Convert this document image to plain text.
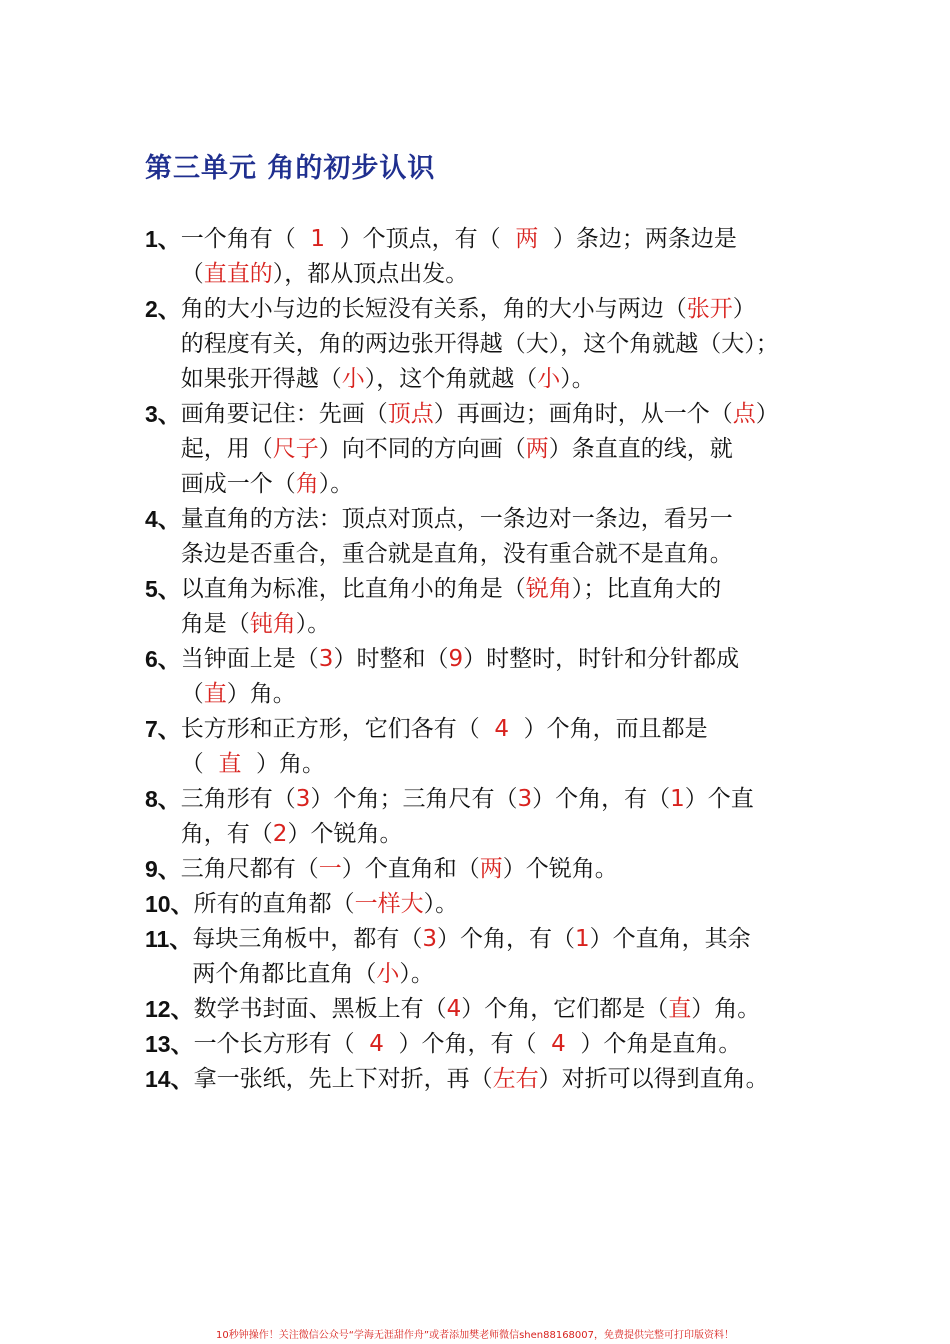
第三单元 角的初步认识
1、 一个角有（  1  ）个顶点，有（  两  ）条边；两条边是
（直直的），都从顶点出发。
2、 角的大小与边的长短没有关系，角的大小与两边（张开）
的程度有关，角的两边张开得越（大），这个角就越（大）；
如果张开得越（小），这个角就越（小）。
3、 画角要记住：先画（顶点）再画边；画角时，从一个（点）
起，用（尺子）向不同的方向画（两）条直直的线，就
画成一个（角）。
4、 量直角的方法：顶点对顶点，一条边对一条边，看另一
条边是否重合，重合就是直角，没有重合就不是直角。
5、 以直角为标准，比直角小的角是（锐角）；比直角大的
角是（钝角）。
6、 当钟面上是（3）时整和（9）时整时，时针和分针都成
（直）角。
7、 长方形和正方形，它们各有（  4  ）个角，而且都是
（  直  ）角。
8、 三角形有（3）个角；三角尺有（3）个角，有（1）个直
角，有（2）个锐角。
9、 三角尺都有（一）个直角和（两）个锐角。
10、 所有的直角都（一样大）。
11、 每块三角板中，都有（3）个角，有（1）个直角，其余
两个角都比直角（小）。
12、 数学书封面、黑板上有（4）个角，它们都是（直）角。
13、 一个长方形有（  4  ）个角，有（  4  ）个角是直角。
14、 拿一张纸，先上下对折，再（左右）对折可以得到直角。
10秒钟操作！关注微信公众号“学海无涯甜作舟”或者添加樊老师微信shen88168007，免费提供完整可打印版资料！
